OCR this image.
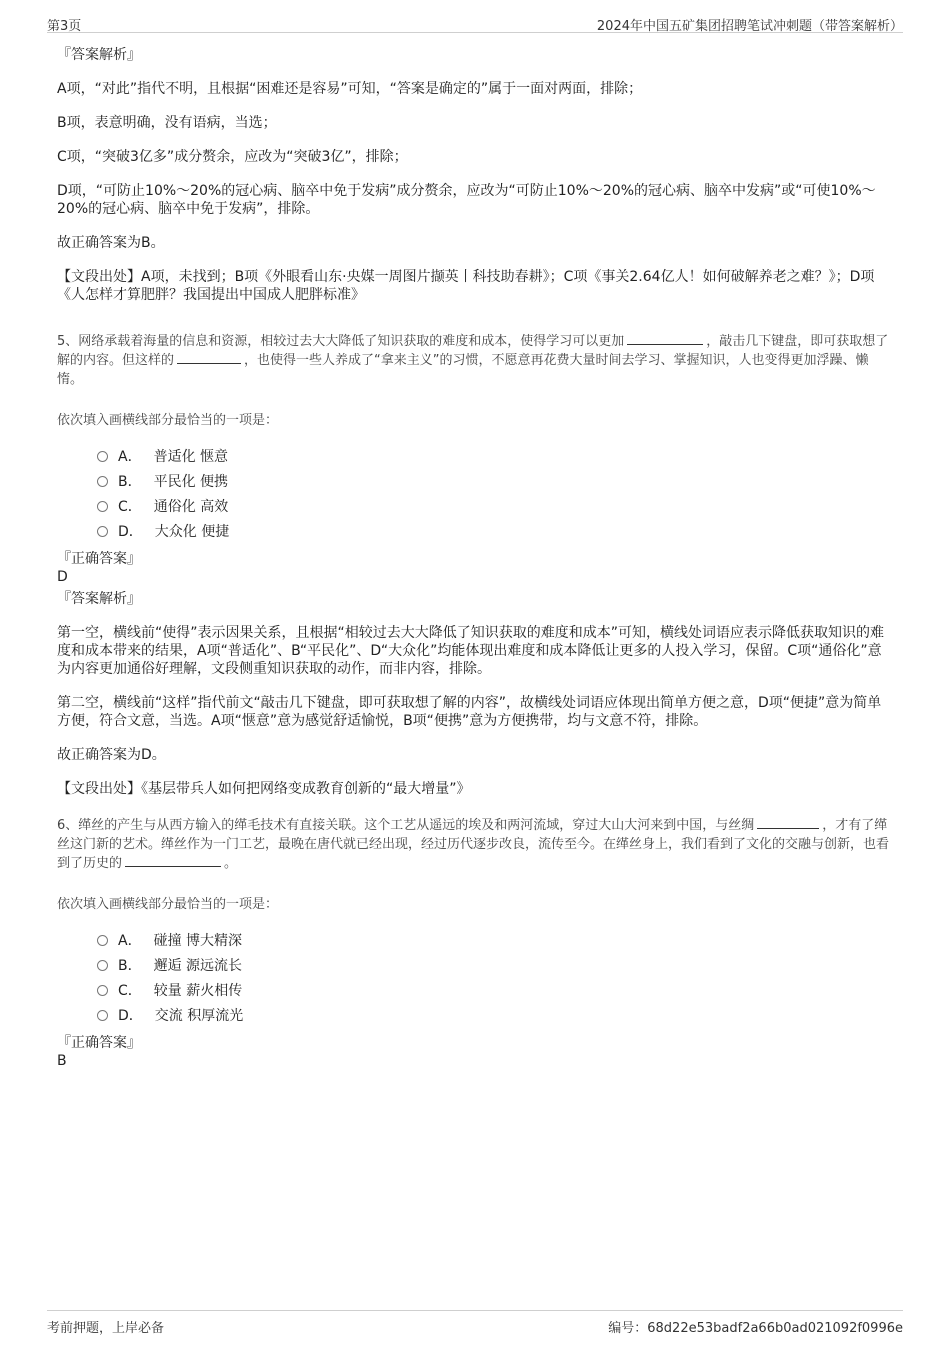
第3页	2024年中国五矿集团招聘笔试冲刺题（带答案解析）

『答案解析』

A项，“对此”指代不明，且根据“困难还是容易”可知，“答案是确定的”属于一面对两面，排除；

B项，表意明确，没有语病，当选；

C项，“突破3亿多”成分赘余，应改为“突破3亿”，排除；

D项，“可防止10%～20%的冠心病、脑卒中免于发病”成分赘余，应改为“可防止10%～20%的冠心病、脑卒中发病”或“可使10%～20%的冠心病、脑卒中免于发病”，排除。

故正确答案为B。

【文段出处】A项，未找到；B项《外眼看山东·央媒一周图片撷英丨科技助春耕》；C项《事关2.64亿人！如何破解养老之难？》；D项《人怎样才算肥胖？我国提出中国成人肥胖标准》

5、网络承载着海量的信息和资源，相较过去大大降低了知识获取的难度和成本，使得学习可以更加	，敲击几下键盘，即可获取想了解的内容。但这样的	，也使得一些人养成了“拿来主义”的习惯，不愿意再花费大量时间去学习、掌握知识，人也变得更加浮躁、懒惰。

依次填入画横线部分最恰当的一项是：

A． 普适化 惬意
B． 平民化 便携
C． 通俗化 高效
D． 大众化 便捷

『正确答案』

D

『答案解析』

第一空，横线前“使得”表示因果关系，且根据“相较过去大大降低了知识获取的难度和成本”可知，横线处词语应表示降低获取知识的难度和成本带来的结果，A项“普适化”、B“平民化”、D“大众化”均能体现出难度和成本降低让更多的人投入学习，保留。C项“通俗化”意为内容更加通俗好理解，文段侧重知识获取的动作，而非内容，排除。

第二空，横线前“这样”指代前文“敲击几下键盘，即可获取想了解的内容”，故横线处词语应体现出简单方便之意，D项“便捷”意为简单方便，符合文意，当选。A项“惬意”意为感觉舒适愉悦，B项“便携”意为方便携带，均与文意不符，排除。

故正确答案为D。

【文段出处】《基层带兵人如何把网络变成教育创新的“最大增量”》

6、缂丝的产生与从西方输入的缂毛技术有直接关联。这个工艺从遥远的埃及和两河流域，穿过大山大河来到中国，与丝绸	，才有了缂丝这门新的艺术。缂丝作为一门工艺，最晚在唐代就已经出现，经过历代逐步改良，流传至今。在缂丝身上，我们看到了文化的交融与创新，也看到了历史的	。

依次填入画横线部分最恰当的一项是：

A． 碰撞 博大精深
B． 邂逅 源远流长
C． 较量 薪火相传
D． 交流 积厚流光

『正确答案』

B

考前押题，上岸必备	编号：68d22e53badf2a66b0ad021092f0996e
